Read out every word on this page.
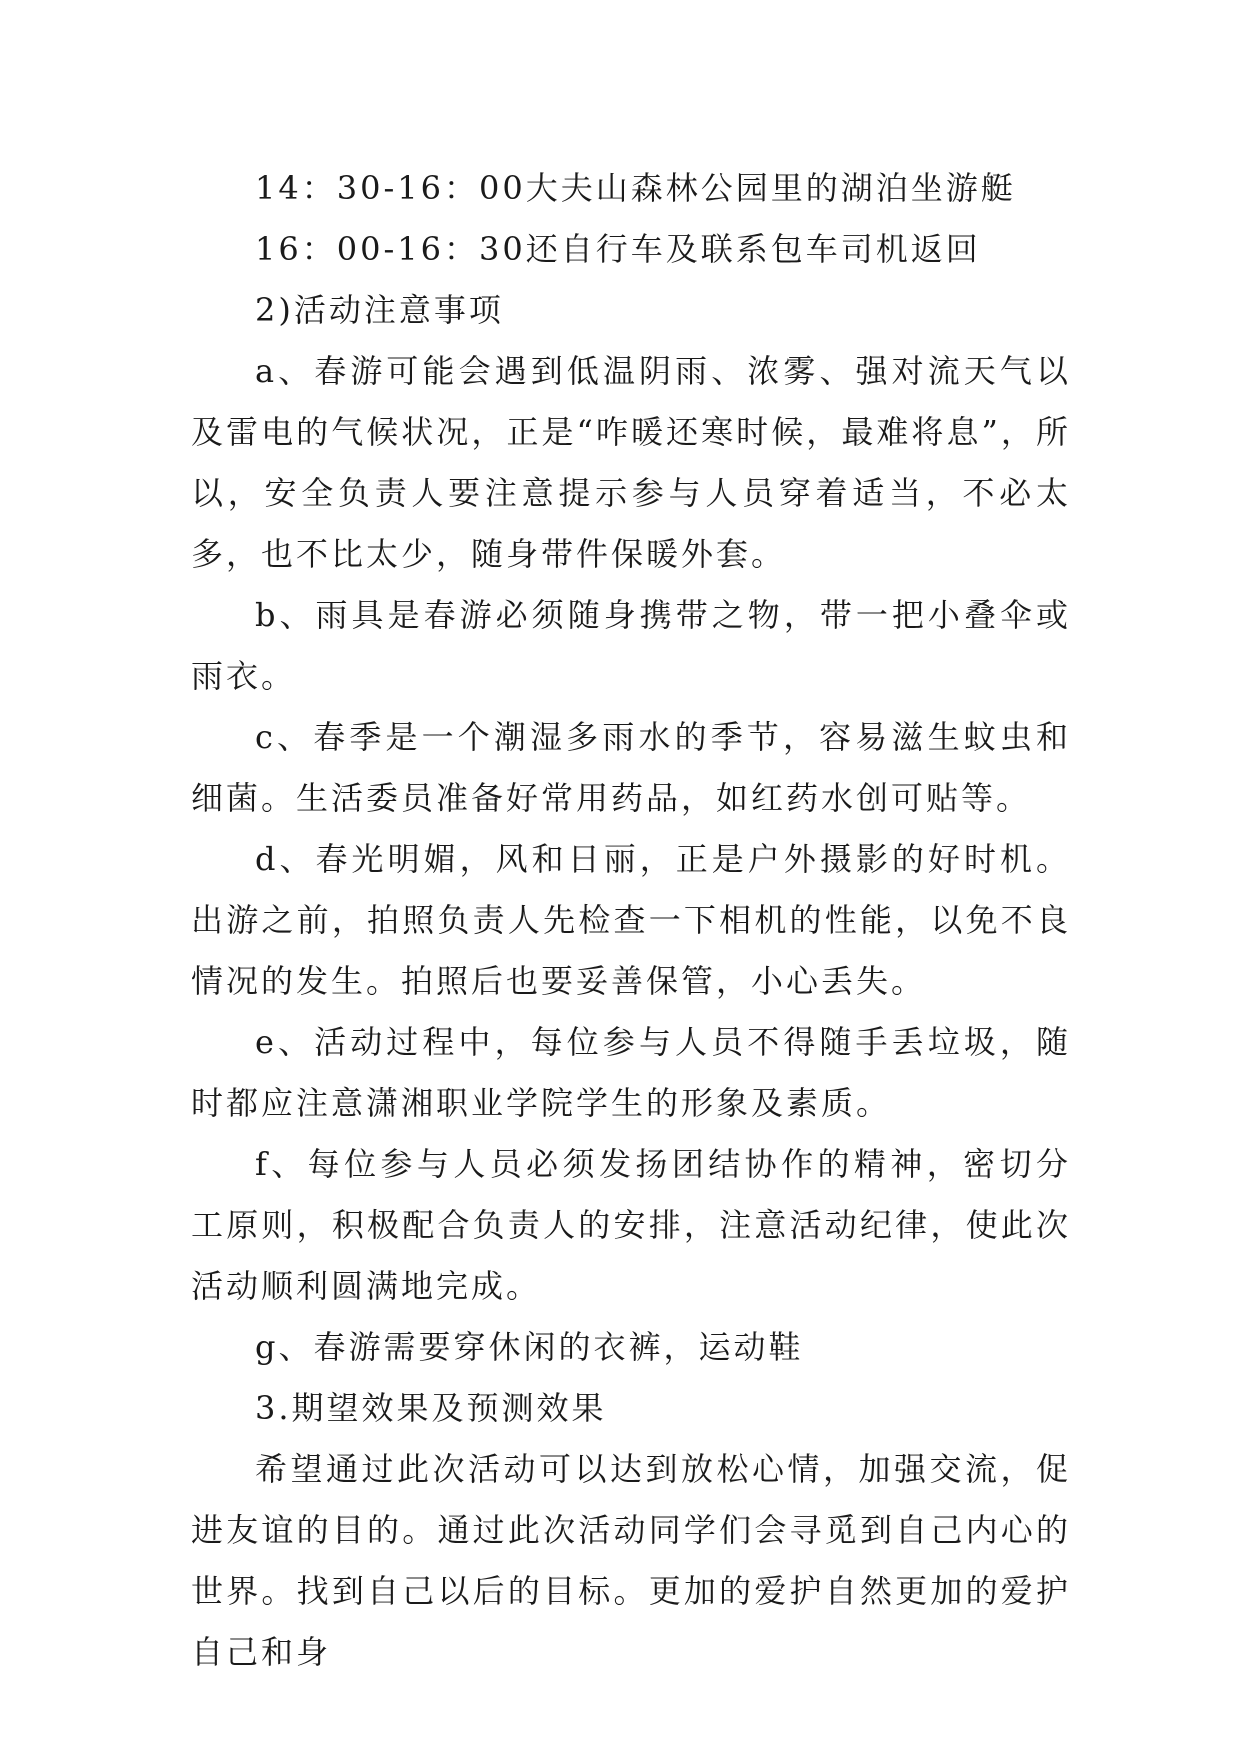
14：30-16：00大夫山森林公园里的湖泊坐游艇

16：00-16：30还自行车及联系包车司机返回

2)活动注意事项

a、春游可能会遇到低温阴雨、浓雾、强对流天气以及雷电的气候状况，正是“咋暖还寒时候，最难将息”，所以，安全负责人要注意提示参与人员穿着适当，不必太多，也不比太少，随身带件保暖外套。

b、雨具是春游必须随身携带之物，带一把小叠伞或雨衣。

c、春季是一个潮湿多雨水的季节，容易滋生蚊虫和细菌。生活委员准备好常用药品，如红药水创可贴等。

d、春光明媚，风和日丽，正是户外摄影的好时机。出游之前，拍照负责人先检查一下相机的性能，以免不良情况的发生。拍照后也要妥善保管，小心丢失。

e、活动过程中，每位参与人员不得随手丢垃圾，随时都应注意潇湘职业学院学生的形象及素质。

f、每位参与人员必须发扬团结协作的精神，密切分工原则，积极配合负责人的安排，注意活动纪律，使此次活动顺利圆满地完成。

g、春游需要穿休闲的衣裤，运动鞋

3.期望效果及预测效果

希望通过此次活动可以达到放松心情，加强交流，促进友谊的目的。通过此次活动同学们会寻觅到自己内心的世界。找到自己以后的目标。更加的爱护自然更加的爱护自己和身
